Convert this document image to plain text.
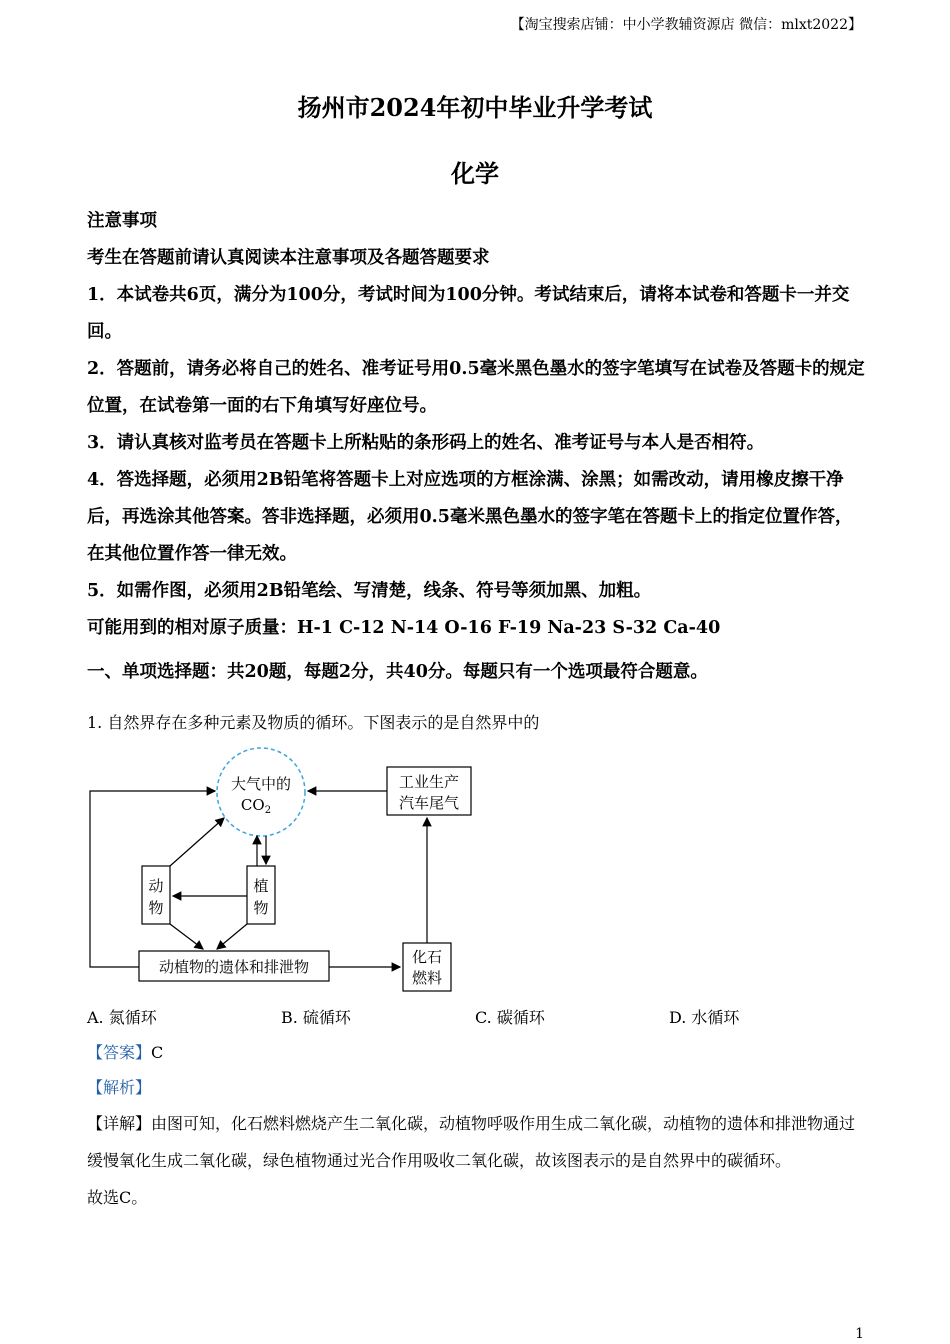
【淘宝搜索店铺：中小学教辅资源店 微信：mlxt2022】
扬州市2024年初中毕业升学考试
化学

注意事项

考生在答题前请认真阅读本注意事项及各题答题要求

1．本试卷共6页，满分为100分，考试时间为100分钟。考试结束后，请将本试卷和答题卡一并交回。

2．答题前，请务必将自己的姓名、准考证号用0.5毫米黑色墨水的签字笔填写在试卷及答题卡的规定位置，在试卷第一面的右下角填写好座位号。

3．请认真核对监考员在答题卡上所粘贴的条形码上的姓名、准考证号与本人是否相符。

4．答选择题，必须用2B铅笔将答题卡上对应选项的方框涂满、涂黑；如需改动，请用橡皮擦干净后，再选涂其他答案。答非选择题，必须用0.5毫米黑色墨水的签字笔在答题卡上的指定位置作答，在其他位置作答一律无效。

5．如需作图，必须用2B铅笔绘、写清楚，线条、符号等须加黑、加粗。

可能用到的相对原子质量：H-1 C-12 N-14 O-16 F-19 Na-23 S-32 Ca-40

一、单项选择题：共20题，每题2分，共40分。每题只有一个选项最符合题意。
1. 自然界存在多种元素及物质的循环。下图表示的是自然界中的
大气中的
$CO_2$
工业生产
汽车尾气
动
物
植
物
动植物的遗体和排泄物
化石
燃料
A. 氮循环	B. 硫循环	C. 碳循环	D. 水循环
【答案】C
【解析】
【详解】由图可知，化石燃料燃烧产生二氧化碳，动植物呼吸作用生成二氧化碳，动植物的遗体和排泄物通过缓慢氧化生成二氧化碳，绿色植物通过光合作用吸收二氧化碳，故该图表示的是自然界中的碳循环。
故选C。
1
